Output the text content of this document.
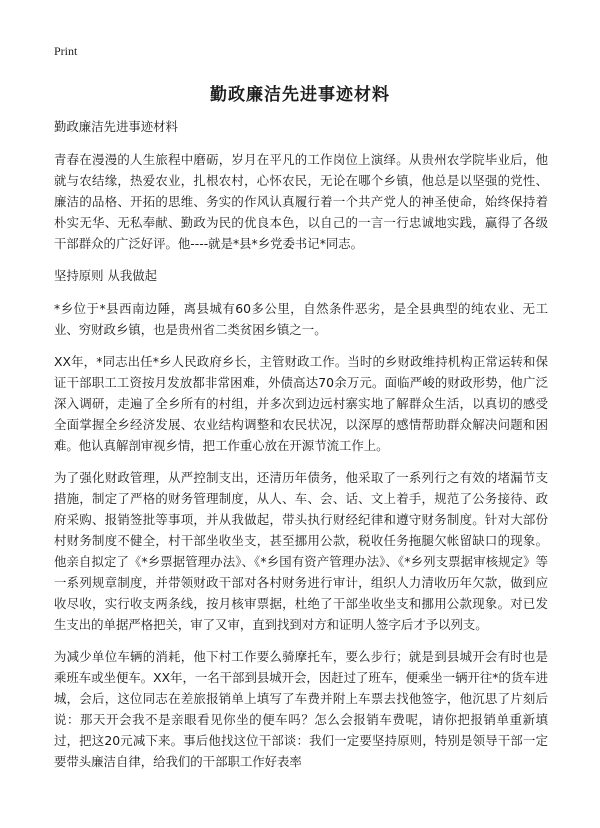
Print
勤政廉洁先进事迹材料

勤政廉洁先进事迹材料

青春在漫漫的人生旅程中磨砺，岁月在平凡的工作岗位上演绎。从贵州农学院毕业后，他就与农结缘，热爱农业，扎根农村，心怀农民，无论在哪个乡镇，他总是以坚强的党性、廉洁的品格、开拓的思维、务实的作风认真履行着一个共产党人的神圣使命，始终保持着朴实无华、无私奉献、勤政为民的优良本色，以自己的一言一行忠诚地实践，赢得了各级干部群众的广泛好评。他----就是*县*乡党委书记*同志。

坚持原则 从我做起

*乡位于*县西南边陲，离县城有60多公里，自然条件恶劣，是全县典型的纯农业、无工业、穷财政乡镇，也是贵州省二类贫困乡镇之一。

XX年，*同志出任*乡人民政府乡长，主管财政工作。当时的乡财政维持机构正常运转和保证干部职工工资按月发放都非常困难，外债高达70余万元。面临严峻的财政形势，他广泛深入调研，走遍了全乡所有的村组，并多次到边远村寨实地了解群众生活，以真切的感受全面掌握全乡经济发展、农业结构调整和农民状况，以深厚的感情帮助群众解决问题和困难。他认真解剖审视乡情，把工作重心放在开源节流工作上。

为了强化财政管理，从严控制支出，还清历年债务，他采取了一系列行之有效的堵漏节支措施，制定了严格的财务管理制度，从人、车、会、话、文上着手，规范了公务接待、政府采购、报销签批等事项，并从我做起，带头执行财经纪律和遵守财务制度。针对大部份村财务制度不健全，村干部坐收坐支，甚至挪用公款，税收任务拖腿欠帐留缺口的现象。他亲自拟定了《*乡票据管理办法》、《*乡国有资产管理办法》、《*乡列支票据审核规定》等一系列规章制度，并带领财政干部对各村财务进行审计，组织人力清收历年欠款，做到应收尽收，实行收支两条线，按月核审票据，杜绝了干部坐收坐支和挪用公款现象。对已发生支出的单据严格把关，审了又审，直到找到对方和证明人签字后才予以列支。

为减少单位车辆的消耗，他下村工作要么骑摩托车，要么步行；就是到县城开会有时也是乘班车或坐便车。XX年，一名干部到县城开会，因赶过了班车，便乘坐一辆开往*的货车进城，会后，这位同志在差旅报销单上填写了车费并附上车票去找他签字，他沉思了片刻后说：那天开会我不是亲眼看见你坐的便车吗？怎么会报销车费呢，请你把报销单重新填过，把这20元减下来。事后他找这位干部谈：我们一定要坚持原则，特别是领导干部一定要带头廉洁自律，给我们的干部职工作好表率
